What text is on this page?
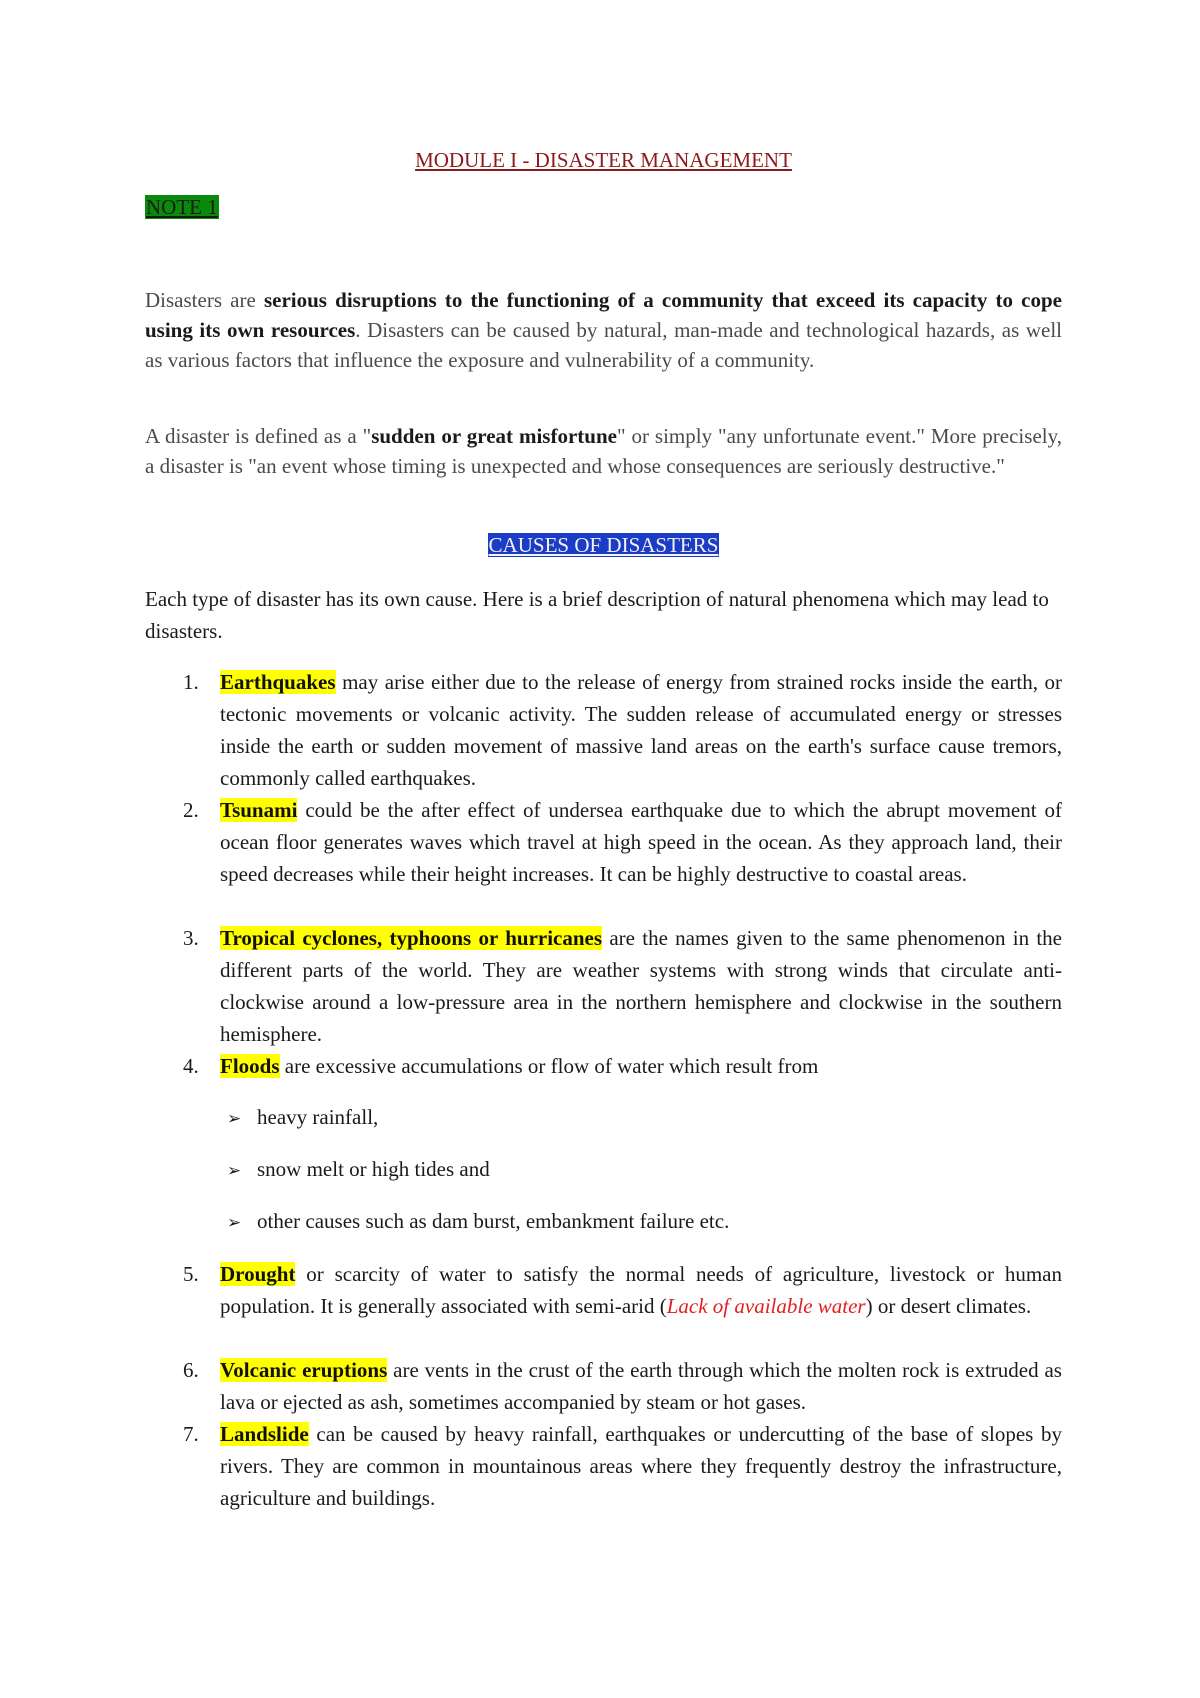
MODULE I - DISASTER MANAGEMENT
NOTE 1
Disasters are serious disruptions to the functioning of a community that exceed its capacity to cope using its own resources. Disasters can be caused by natural, man-made and technological hazards, as well as various factors that influence the exposure and vulnerability of a community.
A disaster is defined as a "sudden or great misfortune" or simply "any unfortunate event." More precisely, a disaster is "an event whose timing is unexpected and whose consequences are seriously destructive."
CAUSES OF DISASTERS
Each type of disaster has its own cause. Here is a brief description of natural phenomena which may lead to disasters.
1.	Earthquakes may arise either due to the release of energy from strained rocks inside the earth, or tectonic movements or volcanic activity. The sudden release of accumulated energy or stresses inside the earth or sudden movement of massive land areas on the earth's surface cause tremors, commonly called earthquakes.
2.	Tsunami could be the after effect of undersea earthquake due to which the abrupt movement of ocean floor generates waves which travel at high speed in the ocean. As they approach land, their speed decreases while their height increases. It can be highly destructive to coastal areas.
3.	Tropical cyclones, typhoons or hurricanes are the names given to the same phenomenon in the different parts of the world. They are weather systems with strong winds that circulate anti-clockwise around a low-pressure area in the northern hemisphere and clockwise in the southern hemisphere.
4.	Floods are excessive accumulations or flow of water which result from
➢ heavy rainfall,
➢ snow melt or high tides and
➢ other causes such as dam burst, embankment failure etc.
5.	Drought or scarcity of water to satisfy the normal needs of agriculture, livestock or human population. It is generally associated with semi-arid (Lack of available water) or desert climates.
6.	Volcanic eruptions are vents in the crust of the earth through which the molten rock is extruded as lava or ejected as ash, sometimes accompanied by steam or hot gases.
7.	Landslide can be caused by heavy rainfall, earthquakes or undercutting of the base of slopes by rivers. They are common in mountainous areas where they frequently destroy the infrastructure, agriculture and buildings.
